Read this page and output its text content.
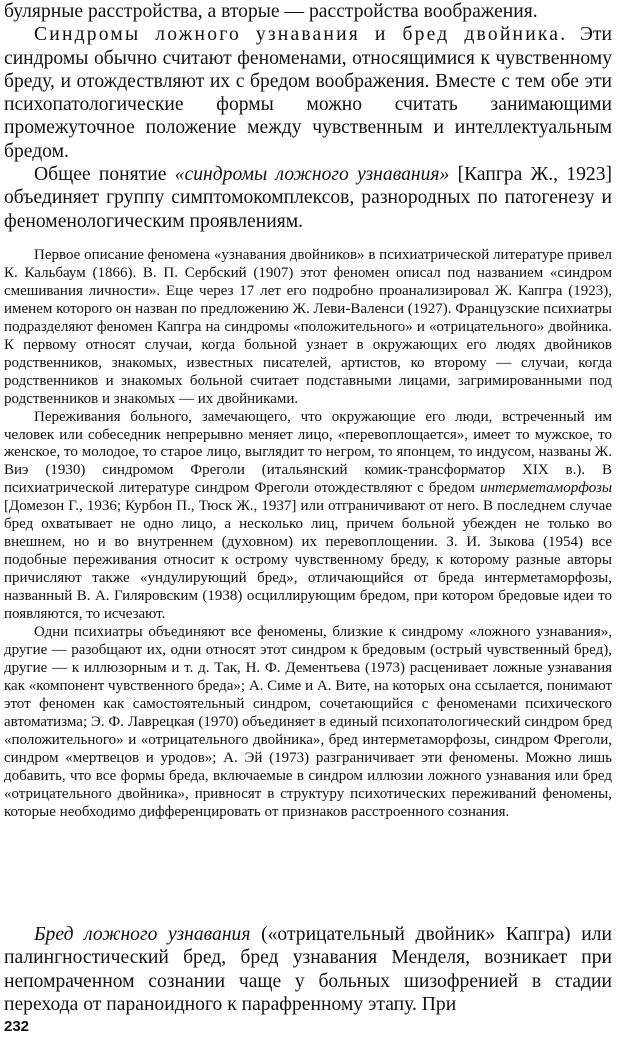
булярные расстройства, а вторые — расстройства воображения.

Синдромы ложного узнавания и бред двойника. Эти синдромы обычно считают феноменами, относящимися к чувственному бреду, и отождествляют их с бредом воображения. Вместе с тем обе эти психопатологические формы можно считать занимающими промежуточное положение между чувственным и интеллектуальным бредом.

Общее понятие «синдромы ложного узнавания» [Капгра Ж., 1923] объединяет группу симптомокомплексов, разнородных по патогенезу и феноменологическим проявлениям.

Первое описание феномена «узнавания двойников» в психиатрической литературе привел К. Кальбаум (1866). В. П. Сербский (1907) этот феномен описал под названием «синдром смешивания личности». Еще через 17 лет его подробно проанализировал Ж. Капгра (1923), именем которого он назван по предложению Ж. Леви-Валенси (1927). Французские психиатры подразделяют феномен Капгра на синдромы «положительного» и «отрицательного» двойника. К первому относят случаи, когда больной узнает в окружающих его людях двойников родственников, знакомых, известных писателей, артистов, ко второму — случаи, когда родственников и знакомых больной считает подставными лицами, загримированными под родственников и знакомых — их двойниками.

Переживания больного, замечающего, что окружающие его люди, встреченный им человек или собеседник непрерывно меняет лицо, «перевоплощается», имеет то мужское, то женское, то молодое, то старое лицо, выглядит то негром, то японцем, то индусом, названы Ж. Виэ (1930) синдромом Фреголи (итальянский комик-трансформатор XIX в.). В психиатрической литературе синдром Фреголи отождествляют с бредом интерметаморфозы [Домезон Г., 1936; Курбон П., Тюск Ж., 1937] или отграничивают от него. В последнем случае бред охватывает не одно лицо, а несколько лиц, причем больной убежден не только во внешнем, но и во внутреннем (духовном) их перевоплощении. З. И. Зыкова (1954) все подобные переживания относит к острому чувственному бреду, к которому разные авторы причисляют также «ундулирующий бред», отличающийся от бреда интерметаморфозы, названный В. А. Гиляровским (1938) осциллирующим бредом, при котором бредовые идеи то появляются, то исчезают.

Одни психиатры объединяют все феномены, близкие к синдрому «ложного узнавания», другие — разобщают их, одни относят этот синдром к бредовым (острый чувственный бред), другие — к иллюзорным и т. д. Так, Н. Ф. Дементьева (1973) расценивает ложные узнавания как «компонент чувственного бреда»; А. Симе и А. Вите, на которых она ссылается, понимают этот феномен как самостоятельный синдром, сочетающийся с феноменами психического автоматизма; Э. Ф. Лаврецкая (1970) объединяет в единый психопатологический синдром бред «положительного» и «отрицательного двойника», бред интерметаморфозы, синдром Фреголи, синдром «мертвецов и уродов»; А. Эй (1973) разграничивает эти феномены. Можно лишь добавить, что все формы бреда, включаемые в синдром иллюзии ложного узнавания или бред «отрицательного двойника», привносят в структуру психотических переживаний феномены, которые необходимо дифференцировать от признаков расстроенного сознания.

Бред ложного узнавания («отрицательный двойник» Капгра) или палингностический бред, бред узнавания Менделя, возникает при непомраченном сознании чаще у больных шизофренией в стадии перехода от параноидного к парафренному этапу. При

232
